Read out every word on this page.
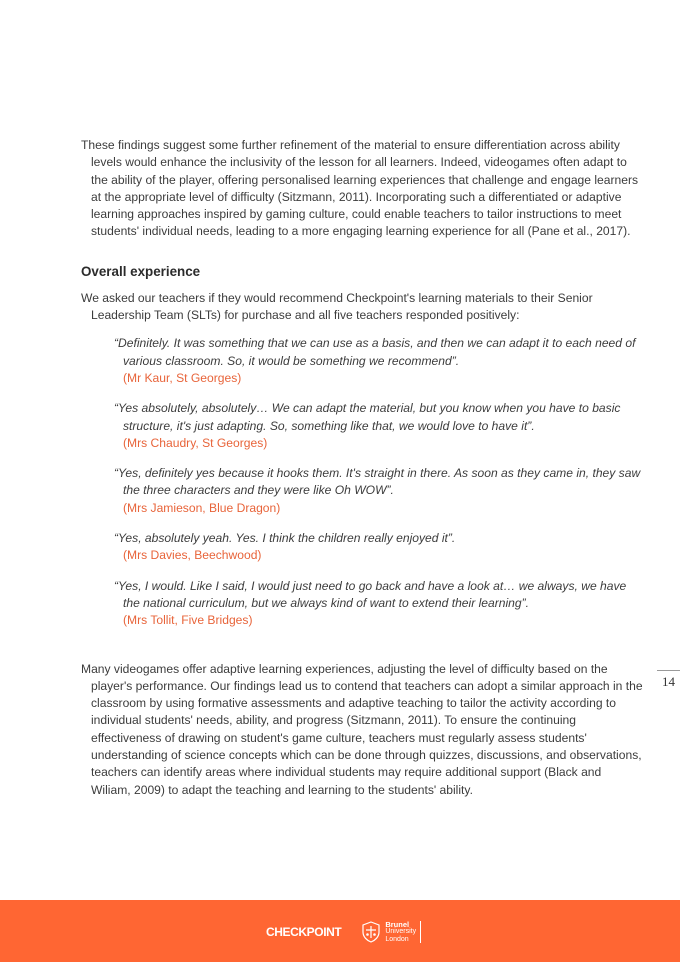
These findings suggest some further refinement of the material to ensure differentiation across ability levels would enhance the inclusivity of the lesson for all learners. Indeed, videogames often adapt to the ability of the player, offering personalised learning experiences that challenge and engage learners at the appropriate level of difficulty (Sitzmann, 2011). Incorporating such a differentiated or adaptive learning approaches inspired by gaming culture, could enable teachers to tailor instructions to meet students' individual needs, leading to a more engaging learning experience for all (Pane et al., 2017).

Overall experience

We asked our teachers if they would recommend Checkpoint's learning materials to their Senior Leadership Team (SLTs) for purchase and all five teachers responded positively:

“Definitely. It was something that we can use as a basis, and then we can adapt it to each need of various classroom. So, it would be something we recommend”.

(Mr Kaur, St Georges)

“Yes absolutely, absolutely… We can adapt the material, but you know when you have to basic structure, it's just adapting. So, something like that, we would love to have it”.

(Mrs Chaudry, St Georges)

“Yes, definitely yes because it hooks them. It's straight in there. As soon as they came in, they saw the three characters and they were like Oh WOW”.

(Mrs Jamieson, Blue Dragon)

“Yes, absolutely yeah. Yes. I think the children really enjoyed it”.

(Mrs Davies, Beechwood)

“Yes, I would. Like I said, I would just need to go back and have a look at… we always, we have the national curriculum, but we always kind of want to extend their learning”.

(Mrs Tollit, Five Bridges)

Many videogames offer adaptive learning experiences, adjusting the level of difficulty based on the player's performance. Our findings lead us to contend that teachers can adopt a similar approach in the classroom by using formative assessments and adaptive teaching to tailor the activity according to individual students' needs, ability, and progress (Sitzmann, 2011). To ensure the continuing effectiveness of drawing on student's game culture, teachers must regularly assess students' understanding of science concepts which can be done through quizzes, discussions, and observations, teachers can identify areas where individual students may require additional support (Black and Wiliam, 2009) to adapt the teaching and learning to the students' ability.

14
CHECKPOINT
Brunel
University
London
